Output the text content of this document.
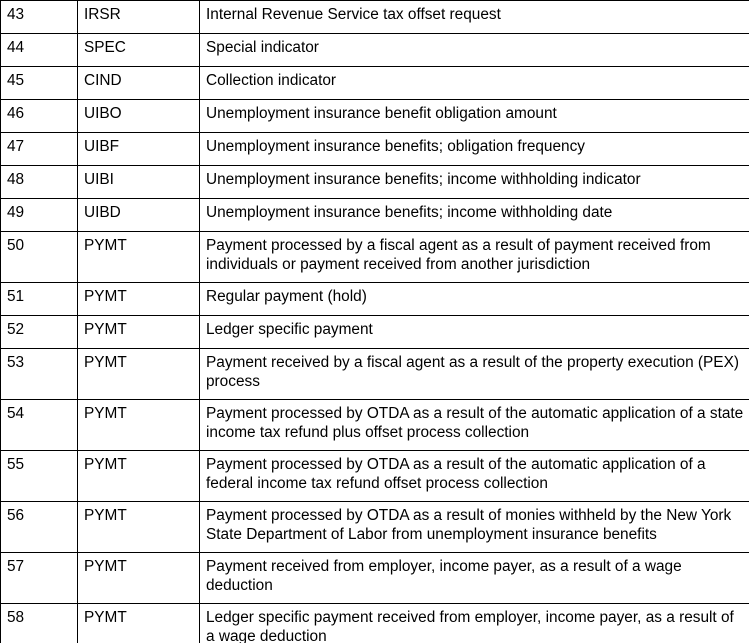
43	IRSR	Internal Revenue Service tax offset request
44	SPEC	Special indicator
45	CIND	Collection indicator
46	UIBO	Unemployment insurance benefit obligation amount
47	UIBF	Unemployment insurance benefits; obligation frequency
48	UIBI	Unemployment insurance benefits; income withholding indicator
49	UIBD	Unemployment insurance benefits; income withholding date
50	PYMT	Payment processed by a fiscal agent as a result of payment received from individuals or payment received from another jurisdiction
51	PYMT	Regular payment (hold)
52	PYMT	Ledger specific payment
53	PYMT	Payment received by a fiscal agent as a result of the property execution (PEX) process
54	PYMT	Payment processed by OTDA as a result of the automatic application of a state income tax refund plus offset process collection
55	PYMT	Payment processed by OTDA as a result of the automatic application of a federal income tax refund offset process collection
56	PYMT	Payment processed by OTDA as a result of monies withheld by the New York State Department of Labor from unemployment insurance benefits
57	PYMT	Payment received from employer, income payer, as a result of a wage deduction
58	PYMT	Ledger specific payment received from employer, income payer, as a result of a wage deduction
